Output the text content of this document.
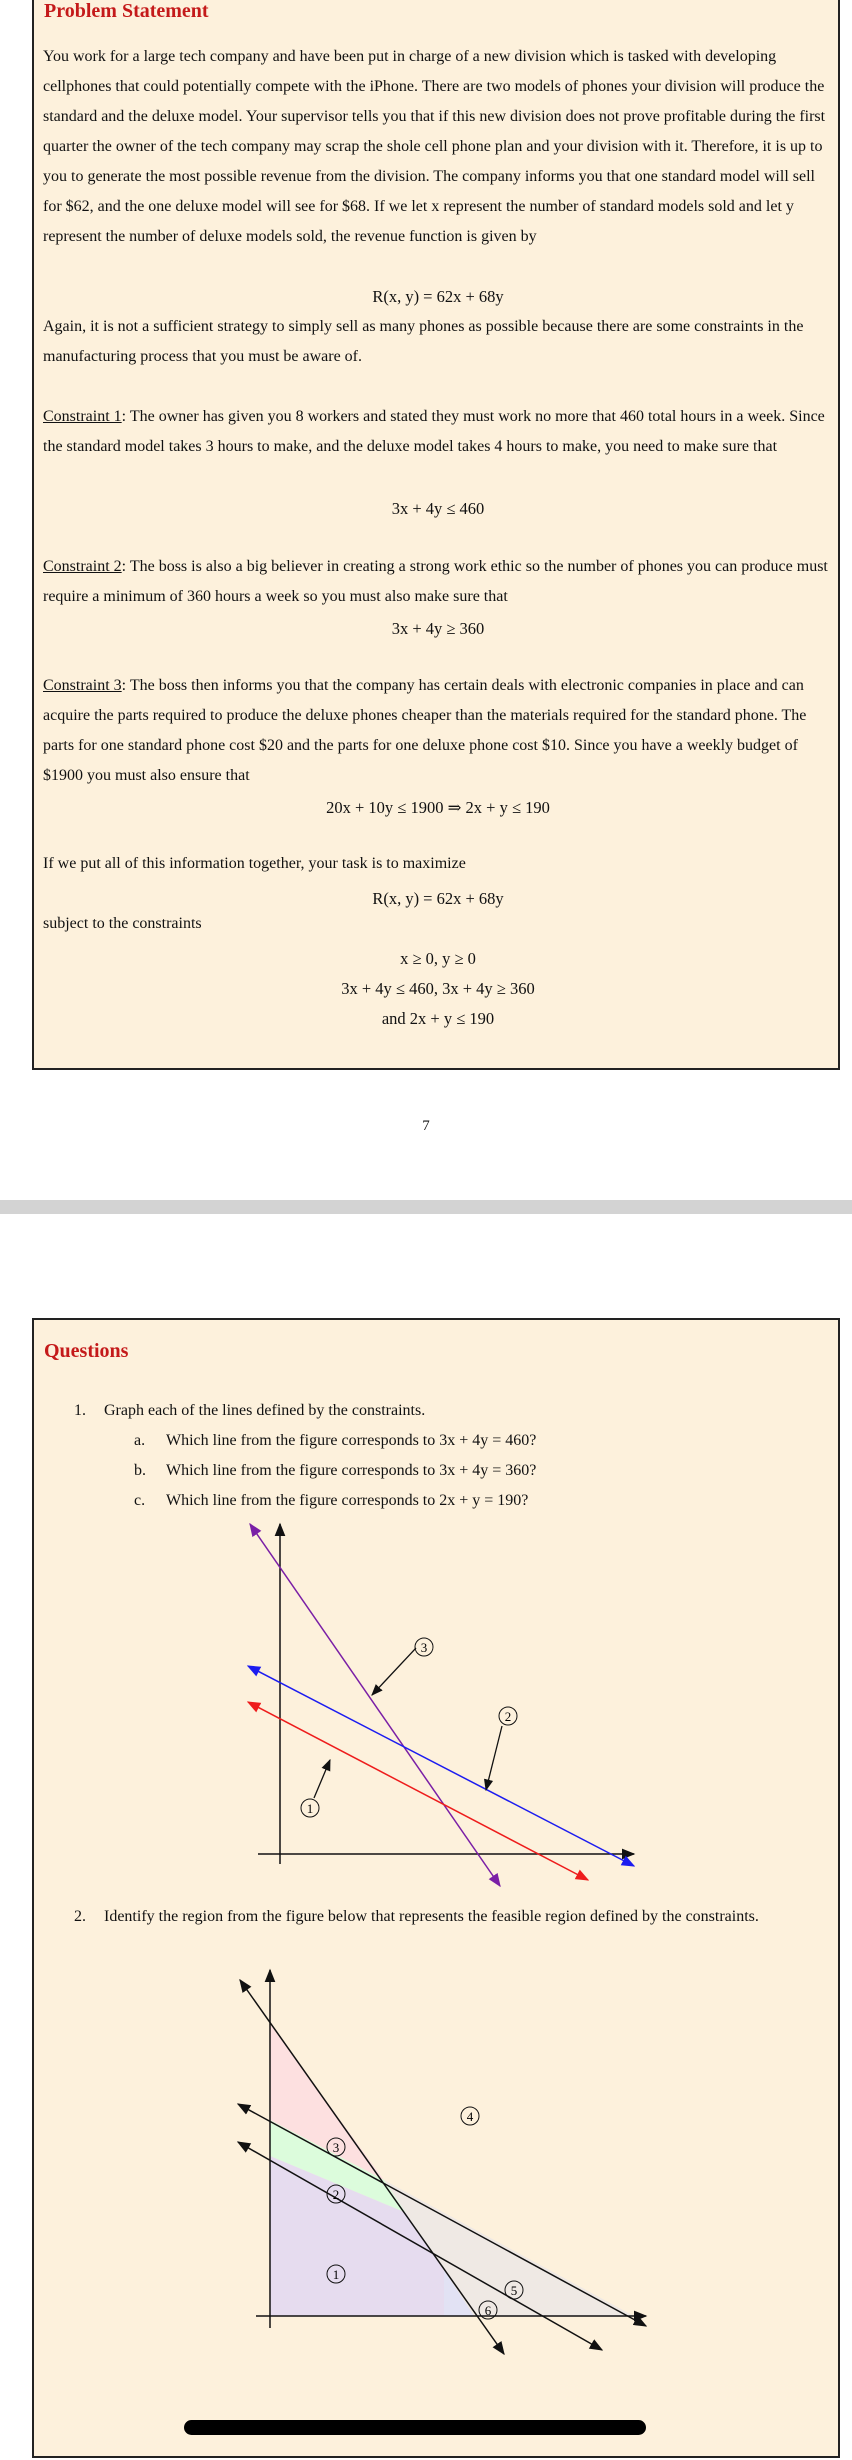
Problem Statement
You work for a large tech company and have been put in charge of a new division which is tasked with developing cellphones that could potentially compete with the iPhone. There are two models of phones your division will produce the standard and the deluxe model. Your supervisor tells you that if this new division does not prove profitable during the first quarter the owner of the tech company may scrap the shole cell phone plan and your division with it. Therefore, it is up to you to generate the most possible revenue from the division. The company informs you that one standard model will sell for $62, and the one deluxe model will see for $68. If we let x represent the number of standard models sold and let y represent the number of deluxe models sold, the revenue function is given by
R(x, y) = 62x + 68y
Again, it is not a sufficient strategy to simply sell as many phones as possible because there are some constraints in the manufacturing process that you must be aware of.
Constraint 1: The owner has given you 8 workers and stated they must work no more that 460 total hours in a week. Since the standard model takes 3 hours to make, and the deluxe model takes 4 hours to make, you need to make sure that
3x + 4y ≤ 460
Constraint 2: The boss is also a big believer in creating a strong work ethic so the number of phones you can produce must require a minimum of 360 hours a week so you must also make sure that
3x + 4y ≥ 360
Constraint 3: The boss then informs you that the company has certain deals with electronic companies in place and can acquire the parts required to produce the deluxe phones cheaper than the materials required for the standard phone. The parts for one standard phone cost $20 and the parts for one deluxe phone cost $10. Since you have a weekly budget of $1900 you must also ensure that
20x + 10y ≤ 1900 ⇒ 2x + y ≤ 190
If we put all of this information together, your task is to maximize
R(x, y) = 62x + 68y
subject to the constraints
x ≥ 0, y ≥ 0
3x + 4y ≤ 460, 3x + 4y ≥ 360
and 2x + y ≤ 190
7
Questions
1. Graph each of the lines defined by the constraints.
a. Which line from the figure corresponds to 3x + 4y = 460?
b. Which line from the figure corresponds to 3x + 4y = 360?
c. Which line from the figure corresponds to 2x + y = 190?
1
2
3
2. Identify the region from the figure below that represents the feasible region defined by the constraints.
1
2
3
4
5
6
